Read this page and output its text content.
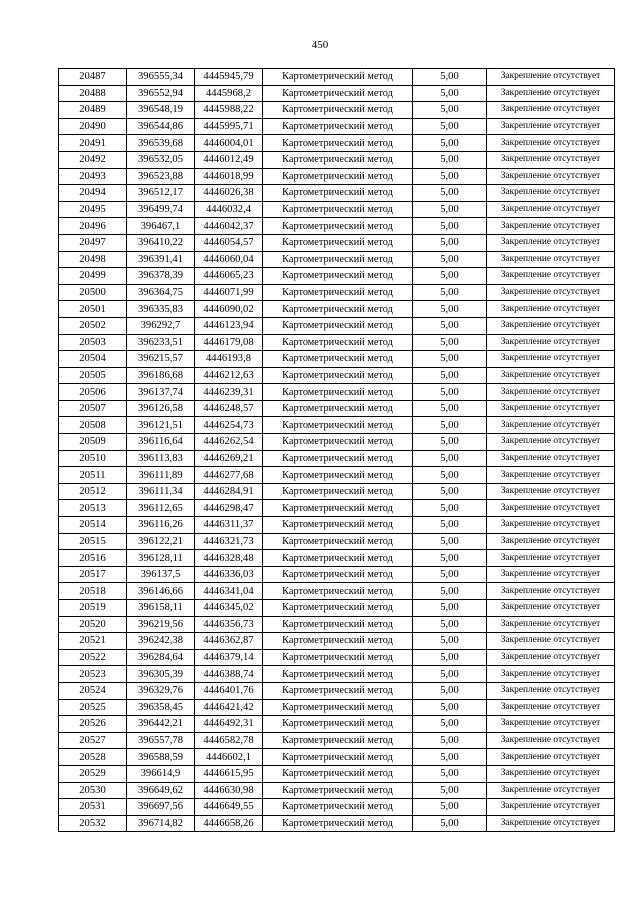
450
20487	396555,34	4445945,79	Картометрический метод	5,00	Закрепление отсутствует
20488	396552,94	4445968,2	Картометрический метод	5,00	Закрепление отсутствует
20489	396548,19	4445988,22	Картометрический метод	5,00	Закрепление отсутствует
20490	396544,86	4445995,71	Картометрический метод	5,00	Закрепление отсутствует
20491	396539,68	4446004,01	Картометрический метод	5,00	Закрепление отсутствует
20492	396532,05	4446012,49	Картометрический метод	5,00	Закрепление отсутствует
20493	396523,88	4446018,99	Картометрический метод	5,00	Закрепление отсутствует
20494	396512,17	4446026,38	Картометрический метод	5,00	Закрепление отсутствует
20495	396499,74	4446032,4	Картометрический метод	5,00	Закрепление отсутствует
20496	396467,1	4446042,37	Картометрический метод	5,00	Закрепление отсутствует
20497	396410,22	4446054,57	Картометрический метод	5,00	Закрепление отсутствует
20498	396391,41	4446060,04	Картометрический метод	5,00	Закрепление отсутствует
20499	396378,39	4446065,23	Картометрический метод	5,00	Закрепление отсутствует
20500	396364,75	4446071,99	Картометрический метод	5,00	Закрепление отсутствует
20501	396335,83	4446090,02	Картометрический метод	5,00	Закрепление отсутствует
20502	396292,7	4446123,94	Картометрический метод	5,00	Закрепление отсутствует
20503	396233,51	4446179,08	Картометрический метод	5,00	Закрепление отсутствует
20504	396215,57	4446193,8	Картометрический метод	5,00	Закрепление отсутствует
20505	396186,68	4446212,63	Картометрический метод	5,00	Закрепление отсутствует
20506	396137,74	4446239,31	Картометрический метод	5,00	Закрепление отсутствует
20507	396126,58	4446248,57	Картометрический метод	5,00	Закрепление отсутствует
20508	396121,51	4446254,73	Картометрический метод	5,00	Закрепление отсутствует
20509	396116,64	4446262,54	Картометрический метод	5,00	Закрепление отсутствует
20510	396113,83	4446269,21	Картометрический метод	5,00	Закрепление отсутствует
20511	396111,89	4446277,68	Картометрический метод	5,00	Закрепление отсутствует
20512	396111,34	4446284,91	Картометрический метод	5,00	Закрепление отсутствует
20513	396112,65	4446298,47	Картометрический метод	5,00	Закрепление отсутствует
20514	396116,26	4446311,37	Картометрический метод	5,00	Закрепление отсутствует
20515	396122,21	4446321,73	Картометрический метод	5,00	Закрепление отсутствует
20516	396128,11	4446328,48	Картометрический метод	5,00	Закрепление отсутствует
20517	396137,5	4446336,03	Картометрический метод	5,00	Закрепление отсутствует
20518	396146,66	4446341,04	Картометрический метод	5,00	Закрепление отсутствует
20519	396158,11	4446345,02	Картометрический метод	5,00	Закрепление отсутствует
20520	396219,56	4446356,73	Картометрический метод	5,00	Закрепление отсутствует
20521	396242,38	4446362,87	Картометрический метод	5,00	Закрепление отсутствует
20522	396284,64	4446379,14	Картометрический метод	5,00	Закрепление отсутствует
20523	396305,39	4446388,74	Картометрический метод	5,00	Закрепление отсутствует
20524	396329,76	4446401,76	Картометрический метод	5,00	Закрепление отсутствует
20525	396358,45	4446421,42	Картометрический метод	5,00	Закрепление отсутствует
20526	396442,21	4446492,31	Картометрический метод	5,00	Закрепление отсутствует
20527	396557,78	4446582,78	Картометрический метод	5,00	Закрепление отсутствует
20528	396588,59	4446602,1	Картометрический метод	5,00	Закрепление отсутствует
20529	396614,9	4446615,95	Картометрический метод	5,00	Закрепление отсутствует
20530	396649,62	4446630,98	Картометрический метод	5,00	Закрепление отсутствует
20531	396697,56	4446649,55	Картометрический метод	5,00	Закрепление отсутствует
20532	396714,82	4446658,26	Картометрический метод	5,00	Закрепление отсутствует
